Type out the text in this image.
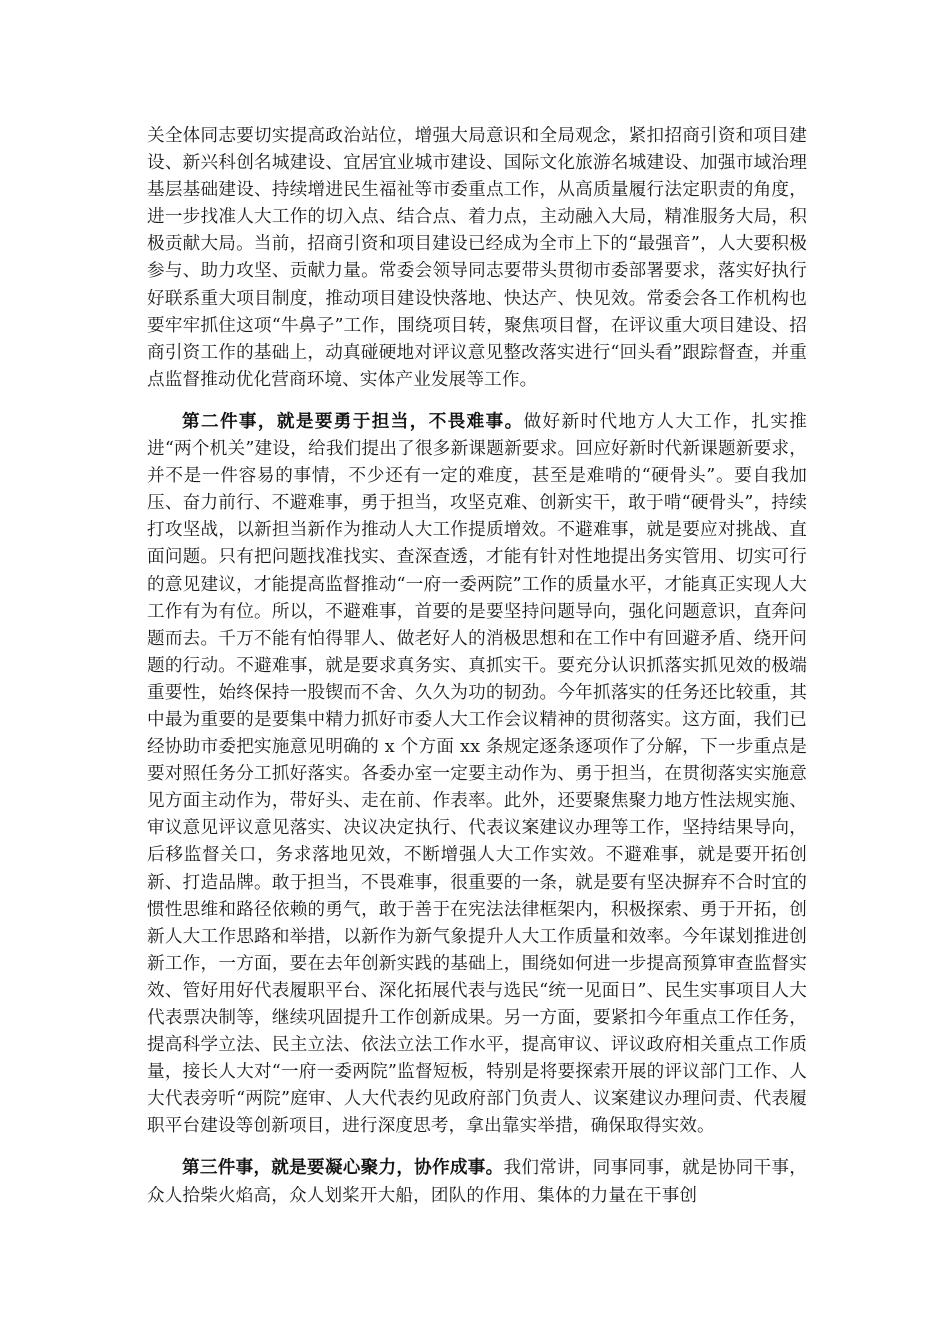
关全体同志要切实提高政治站位，增强大局意识和全局观念，紧扣招商引资和项目建设、新兴科创名城建设、宜居宜业城市建设、国际文化旅游名城建设、加强市域治理基层基础建设、持续增进民生福祉等市委重点工作，从高质量履行法定职责的角度，进一步找准人大工作的切入点、结合点、着力点，主动融入大局，精准服务大局，积极贡献大局。当前，招商引资和项目建设已经成为全市上下的“最强音”，人大要积极参与、助力攻坚、贡献力量。常委会领导同志要带头贯彻市委部署要求，落实好执行好联系重大项目制度，推动项目建设快落地、快达产、快见效。常委会各工作机构也要牢牢抓住这项“牛鼻子”工作，围绕项目转，聚焦项目督，在评议重大项目建设、招商引资工作的基础上，动真碰硬地对评议意见整改落实进行“回头看”跟踪督查，并重点监督推动优化营商环境、实体产业发展等工作。

第二件事，就是要勇于担当，不畏难事。做好新时代地方人大工作，扎实推进“两个机关”建设，给我们提出了很多新课题新要求。回应好新时代新课题新要求，并不是一件容易的事情，不少还有一定的难度，甚至是难啃的“硬骨头”。要自我加压、奋力前行、不避难事，勇于担当，攻坚克难、创新实干，敢于啃“硬骨头”，持续打攻坚战，以新担当新作为推动人大工作提质增效。不避难事，就是要应对挑战、直面问题。只有把问题找准找实、查深查透，才能有针对性地提出务实管用、切实可行的意见建议，才能提高监督推动“一府一委两院”工作的质量水平，才能真正实现人大工作有为有位。所以，不避难事，首要的是要坚持问题导向，强化问题意识，直奔问题而去。千万不能有怕得罪人、做老好人的消极思想和在工作中有回避矛盾、绕开问题的行动。不避难事，就是要求真务实、真抓实干。要充分认识抓落实抓见效的极端重要性，始终保持一股锲而不舍、久久为功的韧劲。今年抓落实的任务还比较重，其中最为重要的是要集中精力抓好市委人大工作会议精神的贯彻落实。这方面，我们已经协助市委把实施意见明确的 x 个方面 xx 条规定逐条逐项作了分解，下一步重点是要对照任务分工抓好落实。各委办室一定要主动作为、勇于担当，在贯彻落实实施意见方面主动作为，带好头、走在前、作表率。此外，还要聚焦聚力地方性法规实施、审议意见评议意见落实、决议决定执行、代表议案建议办理等工作，坚持结果导向，后移监督关口，务求落地见效，不断增强人大工作实效。不避难事，就是要开拓创新、打造品牌。敢于担当，不畏难事，很重要的一条，就是要有坚决摒弃不合时宜的惯性思维和路径依赖的勇气，敢于善于在宪法法律框架内，积极探索、勇于开拓，创新人大工作思路和举措，以新作为新气象提升人大工作质量和效率。今年谋划推进创新工作，一方面，要在去年创新实践的基础上，围绕如何进一步提高预算审查监督实效、管好用好代表履职平台、深化拓展代表与选民“统一见面日”、民生实事项目人大代表票决制等，继续巩固提升工作创新成果。另一方面，要紧扣今年重点工作任务，提高科学立法、民主立法、依法立法工作水平，提高审议、评议政府相关重点工作质量，接长人大对“一府一委两院”监督短板，特别是将要探索开展的评议部门工作、人大代表旁听“两院”庭审、人大代表约见政府部门负责人、议案建议办理问责、代表履职平台建设等创新项目，进行深度思考，拿出靠实举措，确保取得实效。

第三件事，就是要凝心聚力，协作成事。我们常讲，同事同事，就是协同干事，众人拾柴火焰高，众人划桨开大船，团队的作用、集体的力量在干事创
